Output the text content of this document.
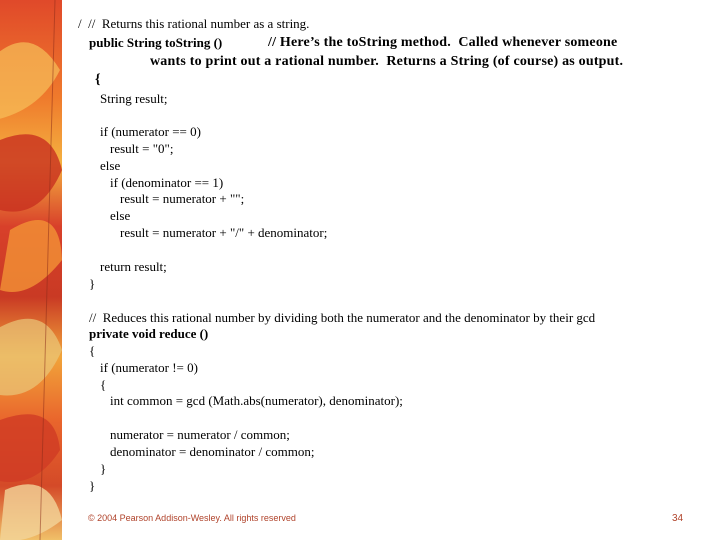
/  //  Returns this rational number as a string.
public String toString ()	// Here’s the toString method.  Called whenever someone
wants to print out a rational number.  Returns a String (of course) as output.
{
String result;
if (numerator == 0)
result = "0";
else
if (denominator == 1)
result = numerator + "";
else
result = numerator + "/" + denominator;
return result;
}
//  Reduces this rational number by dividing both the numerator and the denominator by their gcd
private void reduce ()
{
if (numerator != 0)
{
int common = gcd (Math.abs(numerator), denominator);
numerator = numerator / common;
denominator = denominator / common;
}
}
© 2004 Pearson Addison-Wesley. All rights reserved	34
